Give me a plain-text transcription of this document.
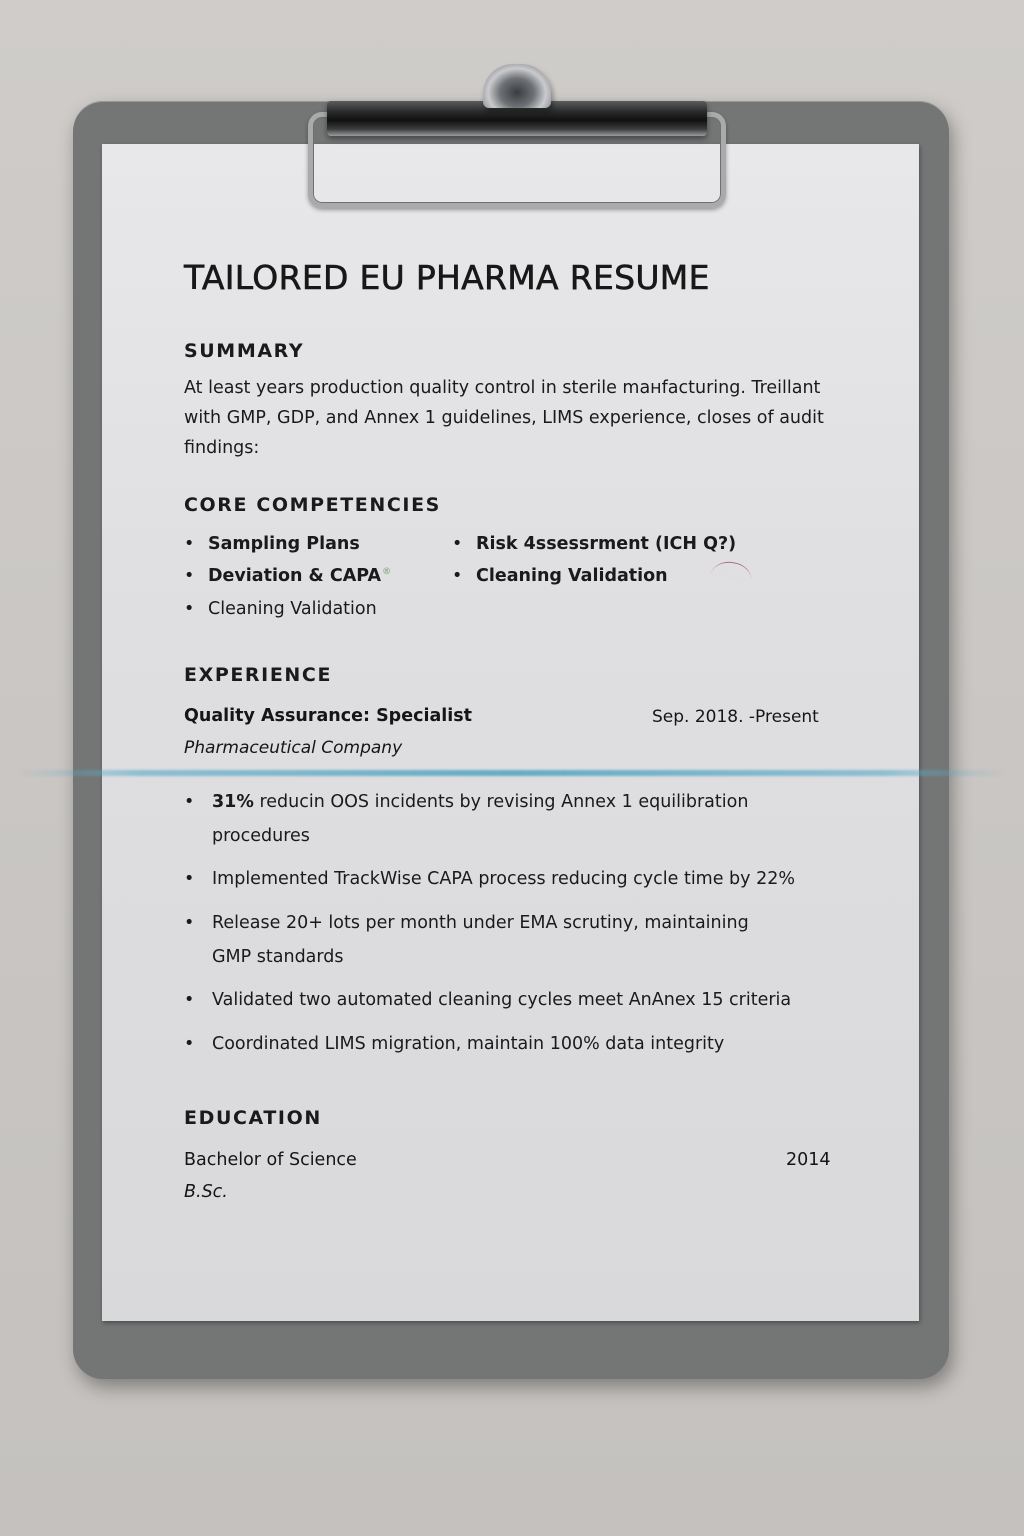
TAILORED EU PHARMA RESUME
SUMMARY
At least years production quality control in sterile maнfacturing. Treillant with GMP, GDP, and Annex 1 guidelines, LIMS experience, closes of audit findings:
CORE COMPETENCIES
• Sampling Plans
• Deviation & CAPA®
• Cleaning Validation
• Risk 4ssessrment (ICH Q?)
• Cleaning Validation
EXPERIENCE
Quality Assurance: Specialist	Sep. 2018. -Present
Pharmaceutical Company
• 31% reducin OOS incidents by revising Annex 1 equilibration procedures
• Implemented TrackWise CAPA process reducing cycle time by 22%
• Release 20+ lots per month under EMA scrutiny, maintaining GMP standards
• Validated two automated cleaning cycles meet AnAnex 15 criteria
• Coordinated LIMS migration, maintain 100% data integrity
EDUCATION
Bachelor of Science	2014
B.Sc.
